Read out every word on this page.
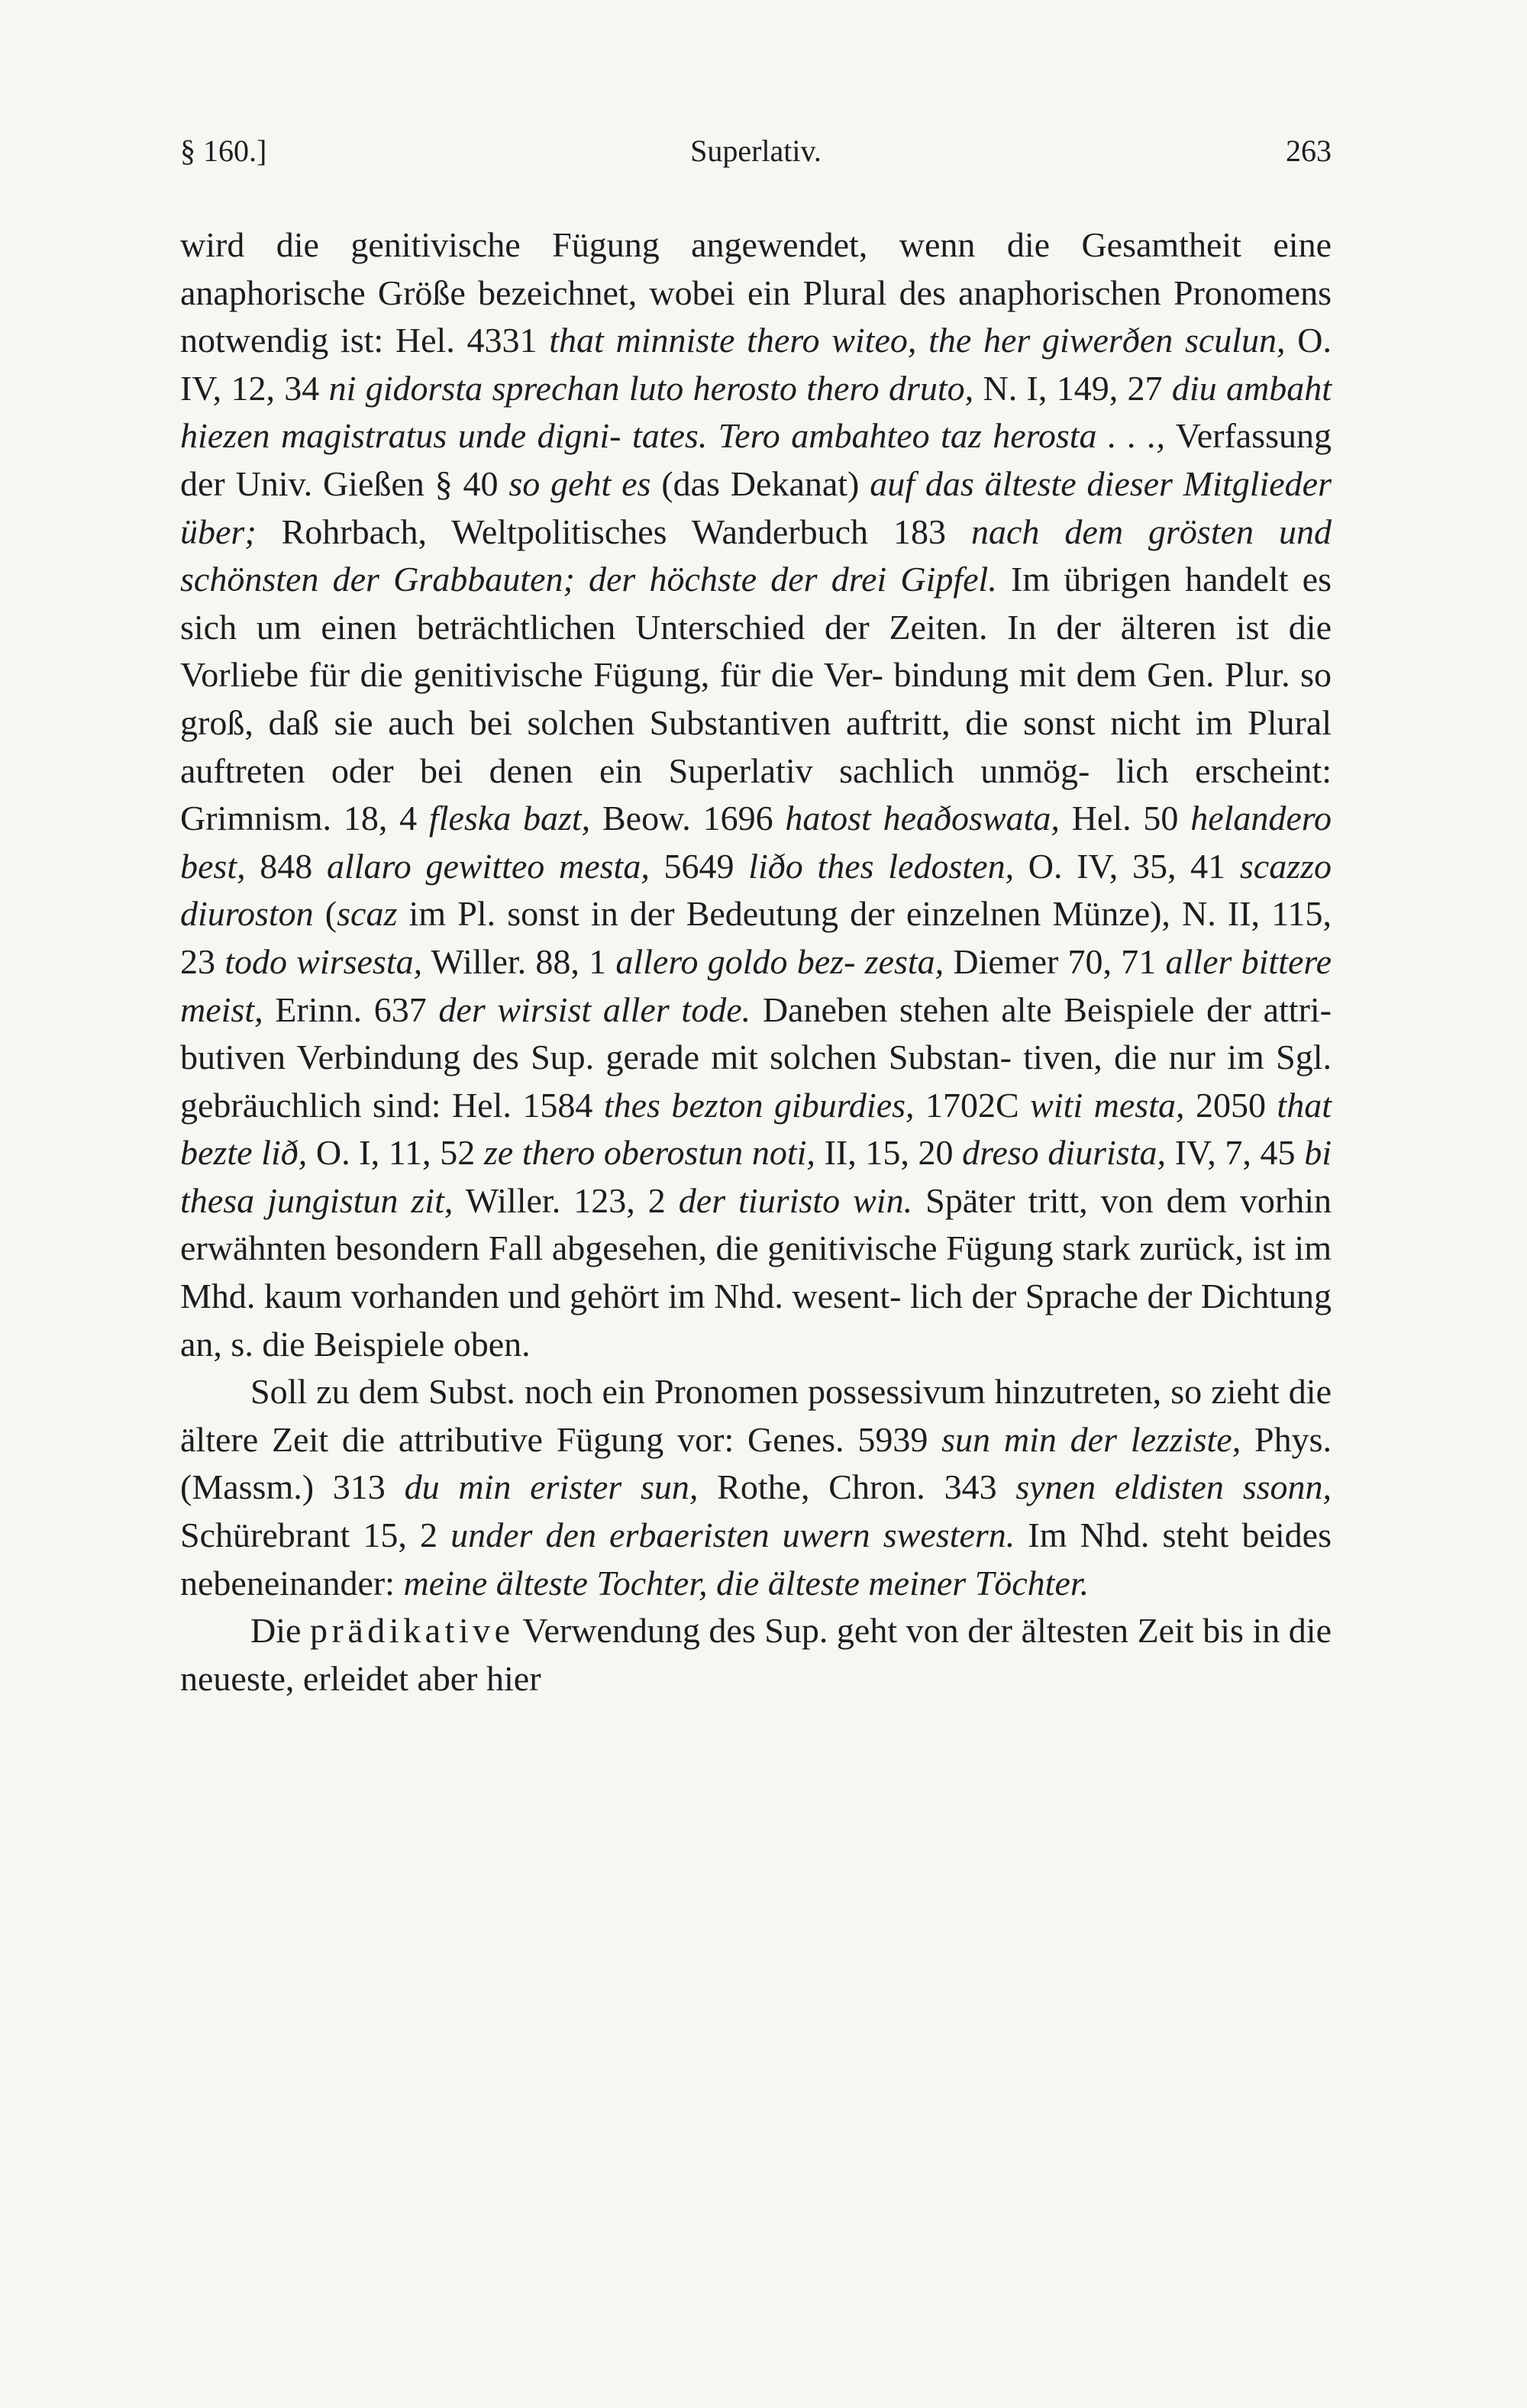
§ 160.]	Superlativ.	263

wird die genitivische Fügung angewendet, wenn die Gesamtheit eine anaphorische Größe bezeichnet, wobei ein Plural des anaphorischen Pronomens notwendig ist: Hel. 4331 that minniste thero witeo, the her giwerðen sculun, O. IV, 12, 34 ni gidorsta sprechan luto herosto thero druto, N. I, 149, 27 diu ambaht hiezen magistratus unde digni- tates. Tero ambahteo taz herosta . . ., Verfassung der Univ. Gießen § 40 so geht es (das Dekanat) auf das älteste dieser Mitglieder über; Rohrbach, Weltpolitisches Wanderbuch 183 nach dem grösten und schönsten der Grabbauten; der höchste der drei Gipfel. Im übrigen handelt es sich um einen beträchtlichen Unterschied der Zeiten. In der älteren ist die Vorliebe für die genitivische Fügung, für die Ver- bindung mit dem Gen. Plur. so groß, daß sie auch bei solchen Substantiven auftritt, die sonst nicht im Plural auftreten oder bei denen ein Superlativ sachlich unmög- lich erscheint: Grimnism. 18, 4 fleska bazt, Beow. 1696 hatost heaðoswata, Hel. 50 helandero best, 848 allaro gewitteo mesta, 5649 liðo thes ledosten, O. IV, 35, 41 scazzo diuroston (scaz im Pl. sonst in der Bedeutung der einzelnen Münze), N. II, 115, 23 todo wirsesta, Willer. 88, 1 allero goldo bez- zesta, Diemer 70, 71 aller bittere meist, Erinn. 637 der wirsist aller tode. Daneben stehen alte Beispiele der attri- butiven Verbindung des Sup. gerade mit solchen Substan- tiven, die nur im Sgl. gebräuchlich sind: Hel. 1584 thes bezton giburdies, 1702C witi mesta, 2050 that bezte lið, O. I, 11, 52 ze thero oberostun noti, II, 15, 20 dreso diurista, IV, 7, 45 bi thesa jungistun zit, Willer. 123, 2 der tiuristo win. Später tritt, von dem vorhin erwähnten besondern Fall abgesehen, die genitivische Fügung stark zurück, ist im Mhd. kaum vorhanden und gehört im Nhd. wesent- lich der Sprache der Dichtung an, s. die Beispiele oben.

Soll zu dem Subst. noch ein Pronomen possessivum hinzutreten, so zieht die ältere Zeit die attributive Fügung vor: Genes. 5939 sun min der lezziste, Phys. (Massm.) 313 du min erister sun, Rothe, Chron. 343 synen eldisten ssonn, Schürebrant 15, 2 under den erbaeristen uwern swestern. Im Nhd. steht beides nebeneinander: meine älteste Tochter, die älteste meiner Töchter.

Die prädikative Verwendung des Sup. geht von der ältesten Zeit bis in die neueste, erleidet aber hier
